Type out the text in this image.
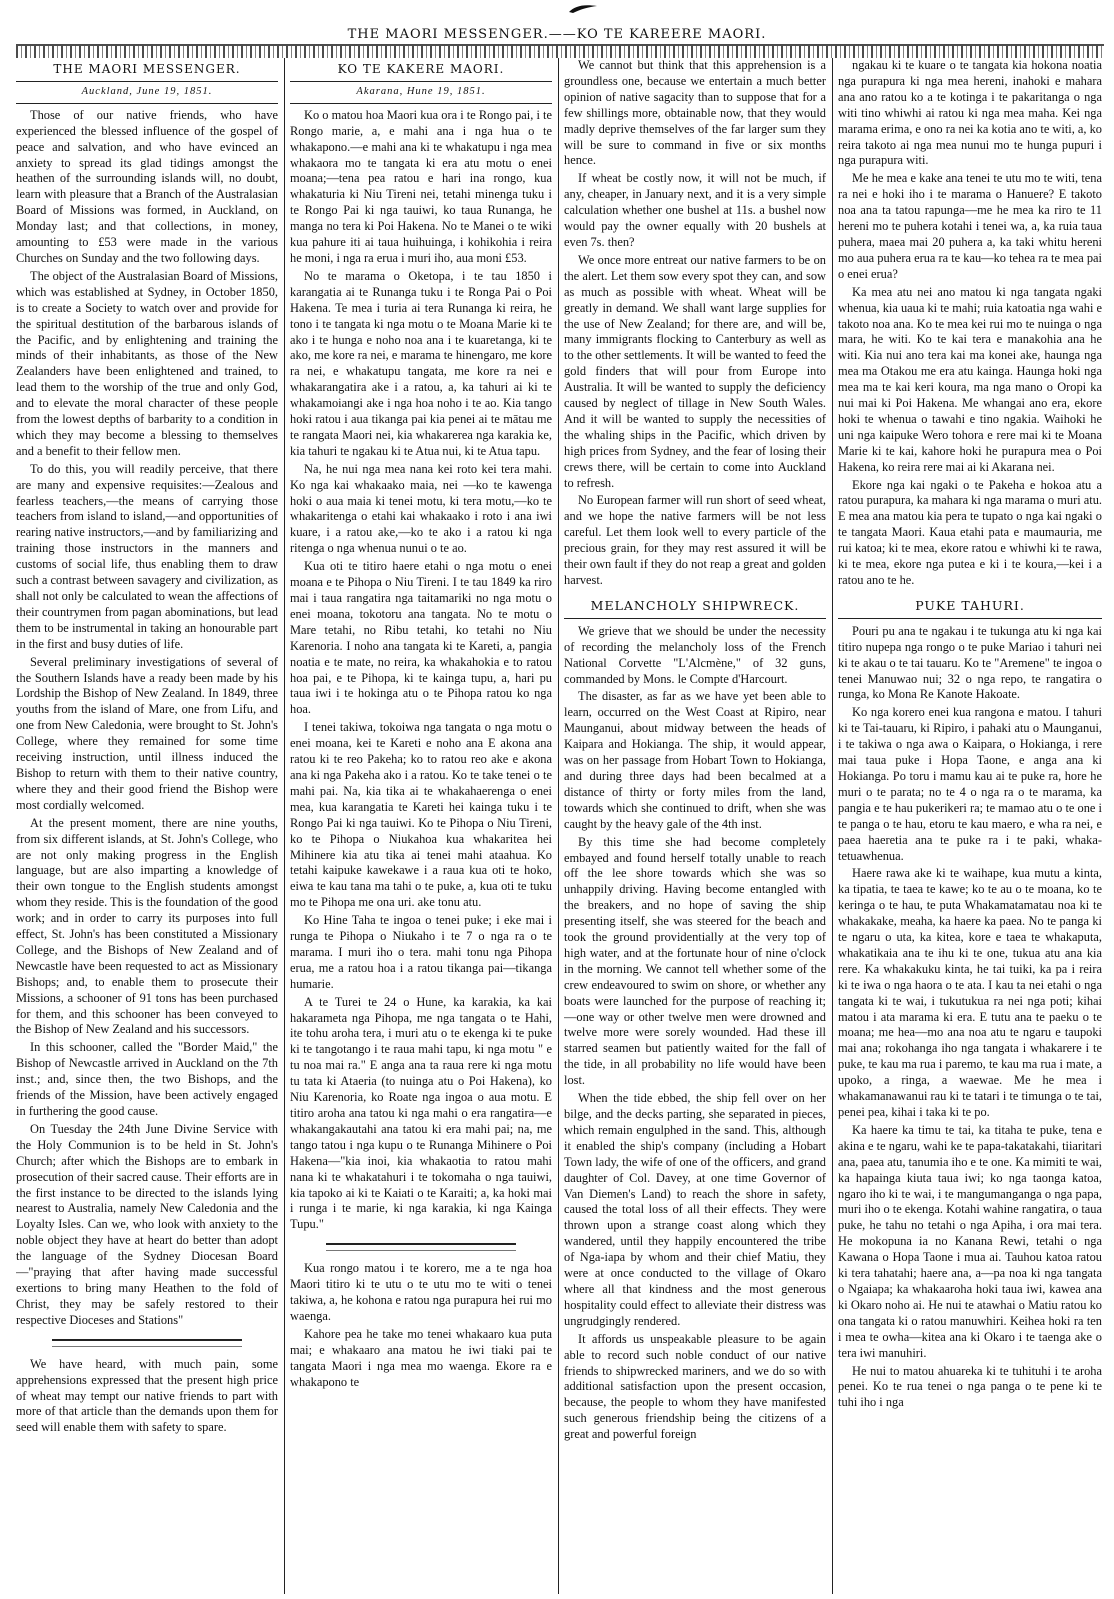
THE MAORI MESSENGER.——KO TE KAREERE MAORI.
THE MAORI MESSENGER.
Auckland, June 19, 1851.

Those of our native friends, who have experienced the blessed influence of the gospel of peace and salvation, and who have evinced an anxiety to spread its glad tidings amongst the heathen of the surrounding islands will, no doubt, learn with pleasure that a Branch of the Australasian Board of Missions was formed, in Auckland, on Monday last; and that collections, in money, amounting to £53 were made in the various Churches on Sunday and the two following days.

The object of the Australasian Board of Missions, which was established at Sydney, in October 1850, is to create a Society to watch over and provide for the spiritual destitution of the barbarous islands of the Pacific, and by enlightening and training the minds of their inhabitants, as those of the New Zealanders have been enlightened and trained, to lead them to the worship of the true and only God, and to elevate the moral character of these people from the lowest depths of barbarity to a condition in which they may become a blessing to themselves and a benefit to their fellow men.

To do this, you will readily perceive, that there are many and expensive requisites:—Zealous and fearless teachers,—the means of carrying those teachers from island to island,—and opportunities of rearing native instructors,—and by familiarizing and training those instructors in the manners and customs of social life, thus enabling them to draw such a contrast between savagery and civilization, as shall not only be calculated to wean the affections of their countrymen from pagan abominations, but lead them to be instrumental in taking an honourable part in the first and busy duties of life.

Several preliminary investigations of several of the Southern Islands have a ready been made by his Lordship the Bishop of New Zealand. In 1849, three youths from the island of Mare, one from Lifu, and one from New Caledonia, were brought to St. John's College, where they remained for some time receiving instruction, until illness induced the Bishop to return with them to their native country, where they and their good friend the Bishop were most cordially welcomed.

At the present moment, there are nine youths, from six different islands, at St. John's College, who are not only making progress in the English language, but are also imparting a knowledge of their own tongue to the English students amongst whom they reside. This is the foundation of the good work; and in order to carry its purposes into full effect, St. John's has been constituted a Missionary College, and the Bishops of New Zealand and of Newcastle have been requested to act as Missionary Bishops; and, to enable them to prosecute their Missions, a schooner of 91 tons has been purchased for them, and this schooner has been conveyed to the Bishop of New Zealand and his successors.

In this schooner, called the "Border Maid," the Bishop of Newcastle arrived in Auckland on the 7th inst.; and, since then, the two Bishops, and the friends of the Mission, have been actively engaged in furthering the good cause.

On Tuesday the 24th June Divine Service with the Holy Communion is to be held in St. John's Church; after which the Bishops are to embark in prosecution of their sacred cause. Their efforts are in the first instance to be directed to the islands lying nearest to Australia, namely New Caledonia and the Loyalty Isles. Can we, who look with anxiety to the noble object they have at heart do better than adopt the language of the Sydney Diocesan Board—"praying that after having made successful exertions to bring many Heathen to the fold of Christ, they may be safely restored to their respective Dioceses and Stations"

We have heard, with much pain, some apprehensions expressed that the present high price of wheat may tempt our native friends to part with more of that article than the demands upon them for seed will enable them with safety to spare.

KO TE KAKERE MAORI.
Akarana, Hune 19, 1851.

Ko o matou hoa Maori kua ora i te Rongo pai, i te Rongo marie, a, e mahi ana i nga hua o te whakapono.—e mahi ana ki te whakatupu i nga mea whakaora mo te tangata ki era atu motu o enei moana;—tena pea ratou e hari ina rongo, kua whakaturia ki Niu Tireni nei, tetahi minenga tuku i te Rongo Pai ki nga tauiwi, ko taua Runanga, he manga no tera ki Poi Hakena. No te Manei o te wiki kua pahure iti ai taua huihuinga, i kohikohia i reira he moni, i nga ra erua i muri iho, aua moni £53.

No te marama o Oketopa, i te tau 1850 i karangatia ai te Runanga tuku i te Ronga Pai o Poi Hakena. Te mea i turia ai tera Runanga ki reira, he tono i te tangata ki nga motu o te Moana Marie ki te ako i te hunga e noho noa ana i te kuaretanga, ki te ako, me kore ra nei, e marama te hinengaro, me kore ra nei, e whakatupu tangata, me kore ra nei e whakarangatira ake i a ratou, a, ka tahuri ai ki te whakamoiangi ake i nga hoa noho i te ao. Kia tango hoki ratou i aua tikanga pai kia penei ai te mātau me te rangata Maori nei, kia whakarerea nga karakia ke, kia tahuri te ngakau ki te Atua nui, ki te Atua tapu.

Na, he nui nga mea nana kei roto kei tera mahi. Ko nga kai whakaako maia, nei —ko te kawenga hoki o aua maia ki tenei motu, ki tera motu,—ko te whakaritenga o etahi kai whakaako i roto i ana iwi kuare, i a ratou ake,—ko te ako i a ratou ki nga ritenga o nga whenua nunui o te ao.

Kua oti te titiro haere etahi o nga motu o enei moana e te Pihopa o Niu Tireni. I te tau 1849 ka riro mai i taua rangatira nga taitamariki no nga motu o enei moana, tokotoru ana tangata. No te motu o Mare tetahi, no Ribu tetahi, ko tetahi no Niu Karenoria. I noho ana tangata ki te Kareti, a, pangia noatia e te mate, no reira, ka whakahokia e to ratou hoa pai, e te Pihopa, ki te kainga tupu, a, hari pu taua iwi i te hokinga atu o te Pihopa ratou ko nga hoa.

I tenei takiwa, tokoiwa nga tangata o nga motu o enei moana, kei te Kareti e noho ana E akona ana ratou ki te reo Pakeha; ko to ratou reo ake e akona ana ki nga Pakeha ako i a ratou. Ko te take tenei o te mahi pai. Na, kia tika ai te whakahaerenga o enei mea, kua karangatia te Kareti hei kainga tuku i te Rongo Pai ki nga tauiwi. Ko te Pihopa o Niu Tireni, ko te Pihopa o Niukahoa kua whakaritea hei Mihinere kia atu tika ai tenei mahi ataahua. Ko tetahi kaipuke kawekawe i a raua kua oti te hoko, eiwa te kau tana ma tahi o te puke, a, kua oti te tuku mo te Pihopa me ona uri. ake tonu atu.

Ko Hine Taha te ingoa o tenei puke; i eke mai i runga te Pihopa o Niukaho i te 7 o nga ra o te marama. I muri iho o tera. mahi tonu nga Pihopa erua, me a ratou hoa i a ratou tikanga pai—tikanga humarie.

A te Turei te 24 o Hune, ka karakia, ka kai hakarameta nga Pihopa, me nga tangata o te Hahi, ite tohu aroha tera, i muri atu o te ekenga ki te puke ki te tangotango i te raua mahi tapu, ki nga motu " e tu noa mai ra." E anga ana ta raua rere ki nga motu tu tata ki Ataeria (to nuinga atu o Poi Hakena), ko Niu Karenoria, ko Roate nga ingoa o aua motu. E titiro aroha ana tatou ki nga mahi o era rangatira—e whakangakautahi ana tatou ki era mahi pai; na, me tango tatou i nga kupu o te Runanga Mihinere o Poi Hakena—"kia inoi, kia whakaotia to ratou mahi nana ki te whakatahuri i te tokomaha o nga tauiwi, kia tapoko ai ki te Kaiati o te Karaiti; a, ka hoki mai i runga i te marie, ki nga karakia, ki nga Kainga Tupu."

Kua rongo matou i te korero, me a te nga hoa Maori titiro ki te utu o te utu mo te witi o tenei takiwa, a, he kohona e ratou nga purapura hei rui mo waenga.

Kahore pea he take mo tenei whakaaro kua puta mai; e whakaaro ana matou he iwi tiaki pai te tangata Maori i nga mea mo waenga. Ekore ra e whakapono te

We cannot but think that this apprehension is a groundless one, because we entertain a much better opinion of native sagacity than to suppose that for a few shillings more, obtainable now, that they would madly deprive themselves of the far larger sum they will be sure to command in five or six months hence.

If wheat be costly now, it will not be much, if any, cheaper, in January next, and it is a very simple calculation whether one bushel at 11s. a bushel now would pay the owner equally with 20 bushels at even 7s. then?

We once more entreat our native farmers to be on the alert. Let them sow every spot they can, and sow as much as possible with wheat. Wheat will be greatly in demand. We shall want large supplies for the use of New Zealand; for there are, and will be, many immigrants flocking to Canterbury as well as to the other settlements. It will be wanted to feed the gold finders that will pour from Europe into Australia. It will be wanted to supply the deficiency caused by neglect of tillage in New South Wales. And it will be wanted to supply the necessities of the whaling ships in the Pacific, which driven by high prices from Sydney, and the fear of losing their crews there, will be certain to come into Auckland to refresh.

No European farmer will run short of seed wheat, and we hope the native farmers will be not less careful. Let them look well to every particle of the precious grain, for they may rest assured it will be their own fault if they do not reap a great and golden harvest.

MELANCHOLY SHIPWRECK.

We grieve that we should be under the necessity of recording the melancholy loss of the French National Corvette "L'Alcmène," of 32 guns, commanded by Mons. le Compte d'Harcourt.

The disaster, as far as we have yet been able to learn, occurred on the West Coast at Ripiro, near Maunganui, about midway between the heads of Kaipara and Hokianga. The ship, it would appear, was on her passage from Hobart Town to Hokianga, and during three days had been becalmed at a distance of thirty or forty miles from the land, towards which she continued to drift, when she was caught by the heavy gale of the 4th inst.

By this time she had become completely embayed and found herself totally unable to reach off the lee shore towards which she was so unhappily driving. Having become entangled with the breakers, and no hope of saving the ship presenting itself, she was steered for the beach and took the ground providentially at the very top of high water, and at the fortunate hour of nine o'clock in the morning. We cannot tell whether some of the crew endeavoured to swim on shore, or whether any boats were launched for the purpose of reaching it; —one way or other twelve men were drowned and twelve more were sorely wounded. Had these ill starred seamen but patiently waited for the fall of the tide, in all probability no life would have been lost.

When the tide ebbed, the ship fell over on her bilge, and the decks parting, she separated in pieces, which remain engulphed in the sand. This, although it enabled the ship's company (including a Hobart Town lady, the wife of one of the officers, and grand daughter of Col. Davey, at one time Governor of Van Diemen's Land) to reach the shore in safety, caused the total loss of all their effects. They were thrown upon a strange coast along which they wandered, until they happily encountered the tribe of Nga-iapa by whom and their chief Matiu, they were at once conducted to the village of Okaro where all that kindness and the most generous hospitality could effect to alleviate their distress was ungrudgingly rendered.

It affords us unspeakable pleasure to be again able to record such noble conduct of our native friends to shipwrecked mariners, and we do so with additional satisfaction upon the present occasion, because, the people to whom they have manifested such generous friendship being the citizens of a great and powerful foreign

ngakau ki te kuare o te tangata kia hokona noatia nga purapura ki nga mea hereni, inahoki e mahara ana ano ratou ko a te kotinga i te pakaritanga o nga witi tino whiwhi ai ratou ki nga mea maha. Kei nga marama erima, e ono ra nei ka kotia ano te witi, a, ko reira takoto ai nga mea nunui mo te hunga pupuri i nga purapura witi.

Me he mea e kake ana tenei te utu mo te witi, tena ra nei e hoki iho i te marama o Hanuere? E takoto noa ana ta tatou rapunga—me he mea ka riro te 11 hereni mo te puhera kotahi i tenei wa, a, ka ruia taua puhera, maea mai 20 puhera a, ka taki whitu hereni mo aua puhera erua ra te kau—ko tehea ra te mea pai o enei erua?

Ka mea atu nei ano matou ki nga tangata ngaki whenua, kia uaua ki te mahi; ruia katoatia nga wahi e takoto noa ana. Ko te mea kei rui mo te nuinga o nga mara, he witi. Ko te kai tera e manakohia ana he witi. Kia nui ano tera kai ma konei ake, haunga nga mea ma Otakou me era atu kainga. Haunga hoki nga mea ma te kai keri koura, ma nga mano o Oropi ka nui mai ki Poi Hakena. Me whangai ano era, ekore hoki te whenua o tawahi e tino ngakia. Waihoki he uni nga kaipuke Wero tohora e rere mai ki te Moana Marie ki te kai, kahore hoki he purapura mea o Poi Hakena, ko reira rere mai ai ki Akarana nei.

Ekore nga kai ngaki o te Pakeha e hokoa atu a ratou purapura, ka mahara ki nga marama o muri atu. E mea ana matou kia pera te tupato o nga kai ngaki o te tangata Maori. Kaua etahi pata e maumauria, me rui katoa; ki te mea, ekore ratou e whiwhi ki te rawa, ki te mea, ekore nga putea e ki i te koura,—kei i a ratou ano te he.

PUKE TAHURI.

Pouri pu ana te ngakau i te tukunga atu ki nga kai titiro nupepa nga rongo o te puke Mariao i tahuri nei ki te akau o te tai tauaru. Ko te "Aremene" te ingoa o tenei Manuwao nui; 32 o nga repo, te rangatira o runga, ko Mona Re Kanote Hakoate.

Ko nga korero enei kua rangona e matou. I tahuri ki te Tai-tauaru, ki Ripiro, i pahaki atu o Maunganui, i te takiwa o nga awa o Kaipara, o Hokianga, i rere mai taua puke i Hopa Taone, e anga ana ki Hokianga. Po toru i mamu kau ai te puke ra, hore he muri o te parata; no te 4 o nga ra o te marama, ka pangia e te hau pukerikeri ra; te mamao atu o te one i te panga o te hau, etoru te kau maero, e wha ra nei, e paea haeretia ana te puke ra i te paki, whaka-tetuawhenua.

Haere rawa ake ki te waihape, kua mutu a kinta, ka tipatia, te taea te kawe; ko te au o te moana, ko te keringa o te hau, te puta Whakamatamatau noa ki te whakakake, meaha, ka haere ka paea. No te panga ki te ngaru o uta, ka kitea, kore e taea te whakaputa, whakatikaia ana te ihu ki te one, tukua atu ana kia rere. Ka whakakuku kinta, he tai tuiki, ka pa i reira ki te iwa o nga haora o te ata. I kau ta nei etahi o nga tangata ki te wai, i tukutukua ra nei nga poti; kihai matou i ata marama ki era. E tutu ana te paeku o te moana; me hea—mo ana noa atu te ngaru e taupoki mai ana; rokohanga iho nga tangata i whakarere i te puke, te kau ma rua i paremo, te kau ma rua i mate, a upoko, a ringa, a waewae. Me he mea i whakamanawanui rau ki te tatari i te timunga o te tai, penei pea, kihai i taka ki te po.

Ka haere ka timu te tai, ka titaha te puke, tena e akina e te ngaru, wahi ke te papa-takatakahi, tiiaritari ana, paea atu, tanumia iho e te one. Ka mimiti te wai, ka hapainga kiuta taua iwi; ko nga taonga katoa, ngaro iho ki te wai, i te mangumanganga o nga papa, muri iho o te ekenga. Kotahi wahine rangatira, o taua puke, he tahu no tetahi o nga Apiha, i ora mai tera. He mokopuna ia no Kanana Rewi, tetahi o nga Kawana o Hopa Taone i mua ai. Tauhou katoa ratou ki tera tahatahi; haere ana, a—pa noa ki nga tangata o Ngaiapa; ka whakaaroha hoki taua iwi, kawea ana ki Okaro noho ai. He nui te atawhai o Matiu ratou ko ona tangata ki o ratou manuwhiri. Keihea hoki ra ten i mea te owha—kitea ana ki Okaro i te taenga ake o tera iwi manuhiri.

He nui to matou ahuareka ki te tuhituhi i te aroha penei. Ko te rua tenei o nga panga o te pene ki te tuhi iho i nga
